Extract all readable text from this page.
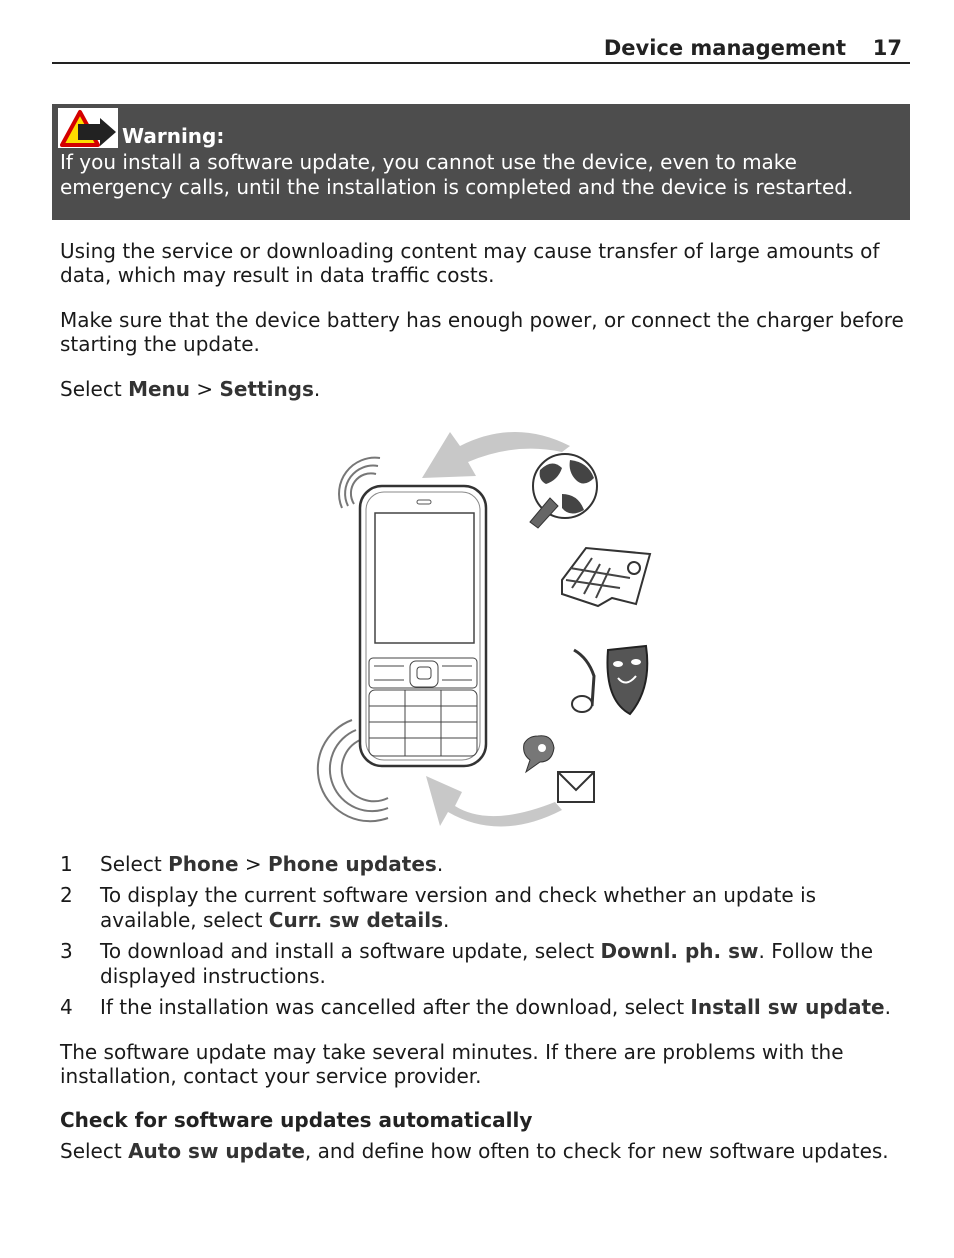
Device management 17
Warning:
If you install a software update, you cannot use the device, even to make emergency calls, until the installation is completed and the device is restarted.
Using the service or downloading content may cause transfer of large amounts of data, which may result in data traffic costs.
Make sure that the device battery has enough power, or connect the charger before starting the update.
Select Menu > Settings.
1 Select Phone > Phone updates.
2 To display the current software version and check whether an update is available, select Curr. sw details.
3 To download and install a software update, select Downl. ph. sw. Follow the displayed instructions.
4 If the installation was cancelled after the download, select Install sw update.
The software update may take several minutes. If there are problems with the installation, contact your service provider.
Check for software updates automatically
Select Auto sw update, and define how often to check for new software updates.
